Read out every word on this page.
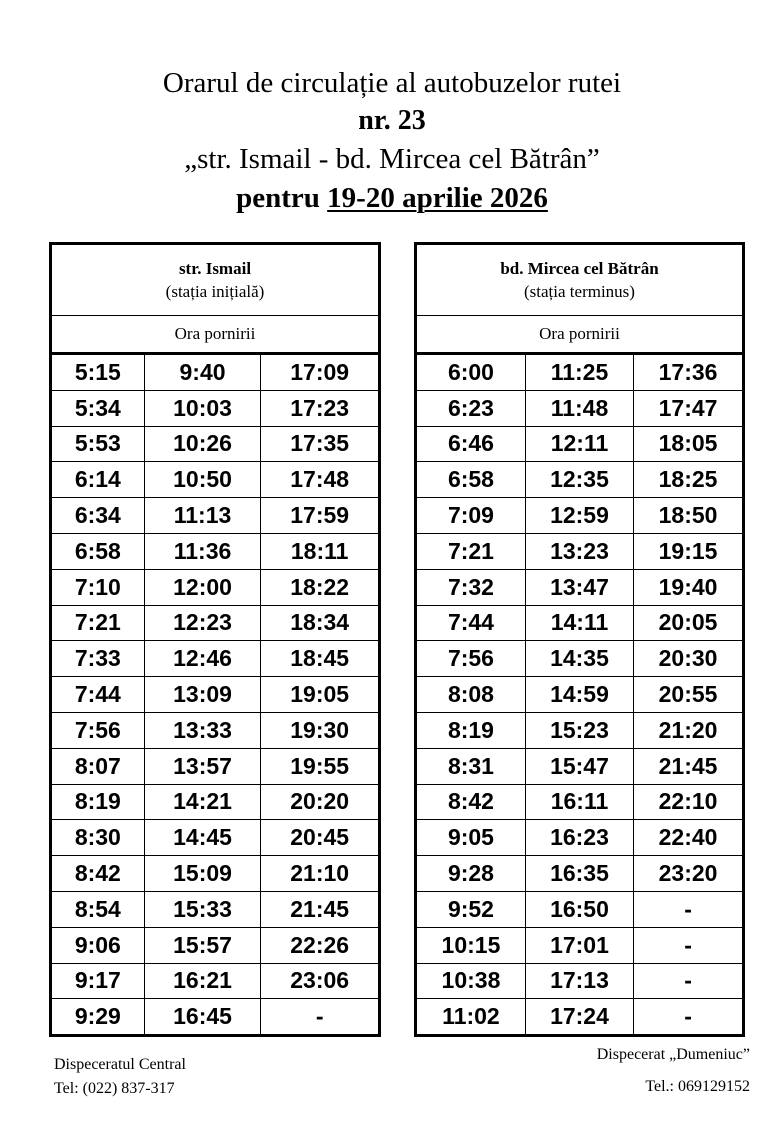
Orarul de circulație al autobuzelor rutei
nr. 23
„str. Ismail - bd. Mircea cel Bătrân”
pentru 19-20 aprilie 2026
str. Ismail
(stația inițială)		

Ora pornirii		
5:15	9:40	17:09
5:34	10:03	17:23
5:53	10:26	17:35
6:14	10:50	17:48
6:34	11:13	17:59
6:58	11:36	18:11
7:10	12:00	18:22
7:21	12:23	18:34
7:33	12:46	18:45
7:44	13:09	19:05
7:56	13:33	19:30
8:07	13:57	19:55
8:19	14:21	20:20
8:30	14:45	20:45
8:42	15:09	21:10
8:54	15:33	21:45
9:06	15:57	22:26
9:17	16:21	23:06
9:29	16:45	-
bd. Mircea cel Bătrân
(stația terminus)		

Ora pornirii		
6:00	11:25	17:36
6:23	11:48	17:47
6:46	12:11	18:05
6:58	12:35	18:25
7:09	12:59	18:50
7:21	13:23	19:15
7:32	13:47	19:40
7:44	14:11	20:05
7:56	14:35	20:30
8:08	14:59	20:55
8:19	15:23	21:20
8:31	15:47	21:45
8:42	16:11	22:10
9:05	16:23	22:40
9:28	16:35	23:20
9:52	16:50	-
10:15	17:01	-
10:38	17:13	-
11:02	17:24	-
Dispeceratul Central
Tel: (022) 837-317
Dispecerat „Dumeniuc”
Tel.: 069129152
